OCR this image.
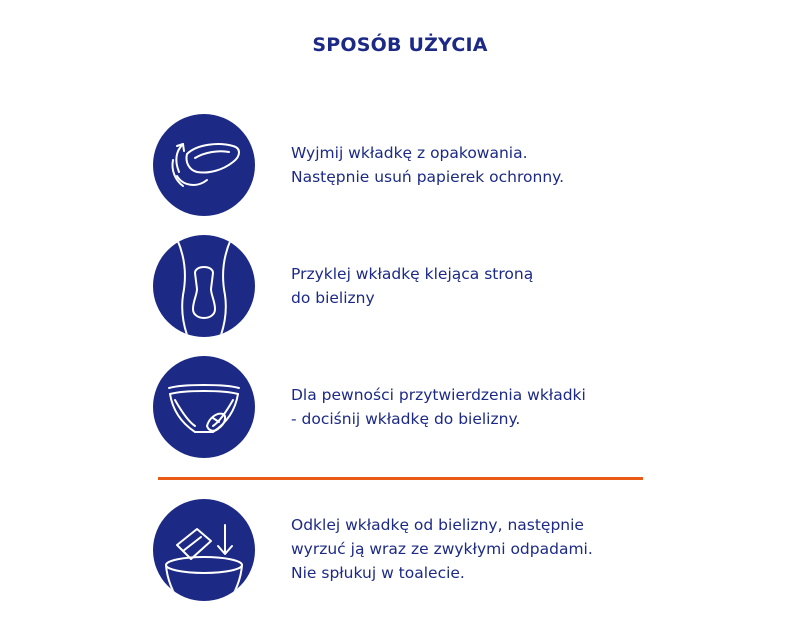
SPOSÓB UŻYCIA
Wyjmij wkładkę z opakowania.
Następnie usuń papierek ochronny.
Przyklej wkładkę klejąca stroną
do bielizny
Dla pewności przytwierdzenia wkładki
- dociśnij wkładkę do bielizny.
Odklej wkładkę od bielizny, następnie
wyrzuć ją wraz ze zwykłymi odpadami.
Nie spłukuj w toalecie.
